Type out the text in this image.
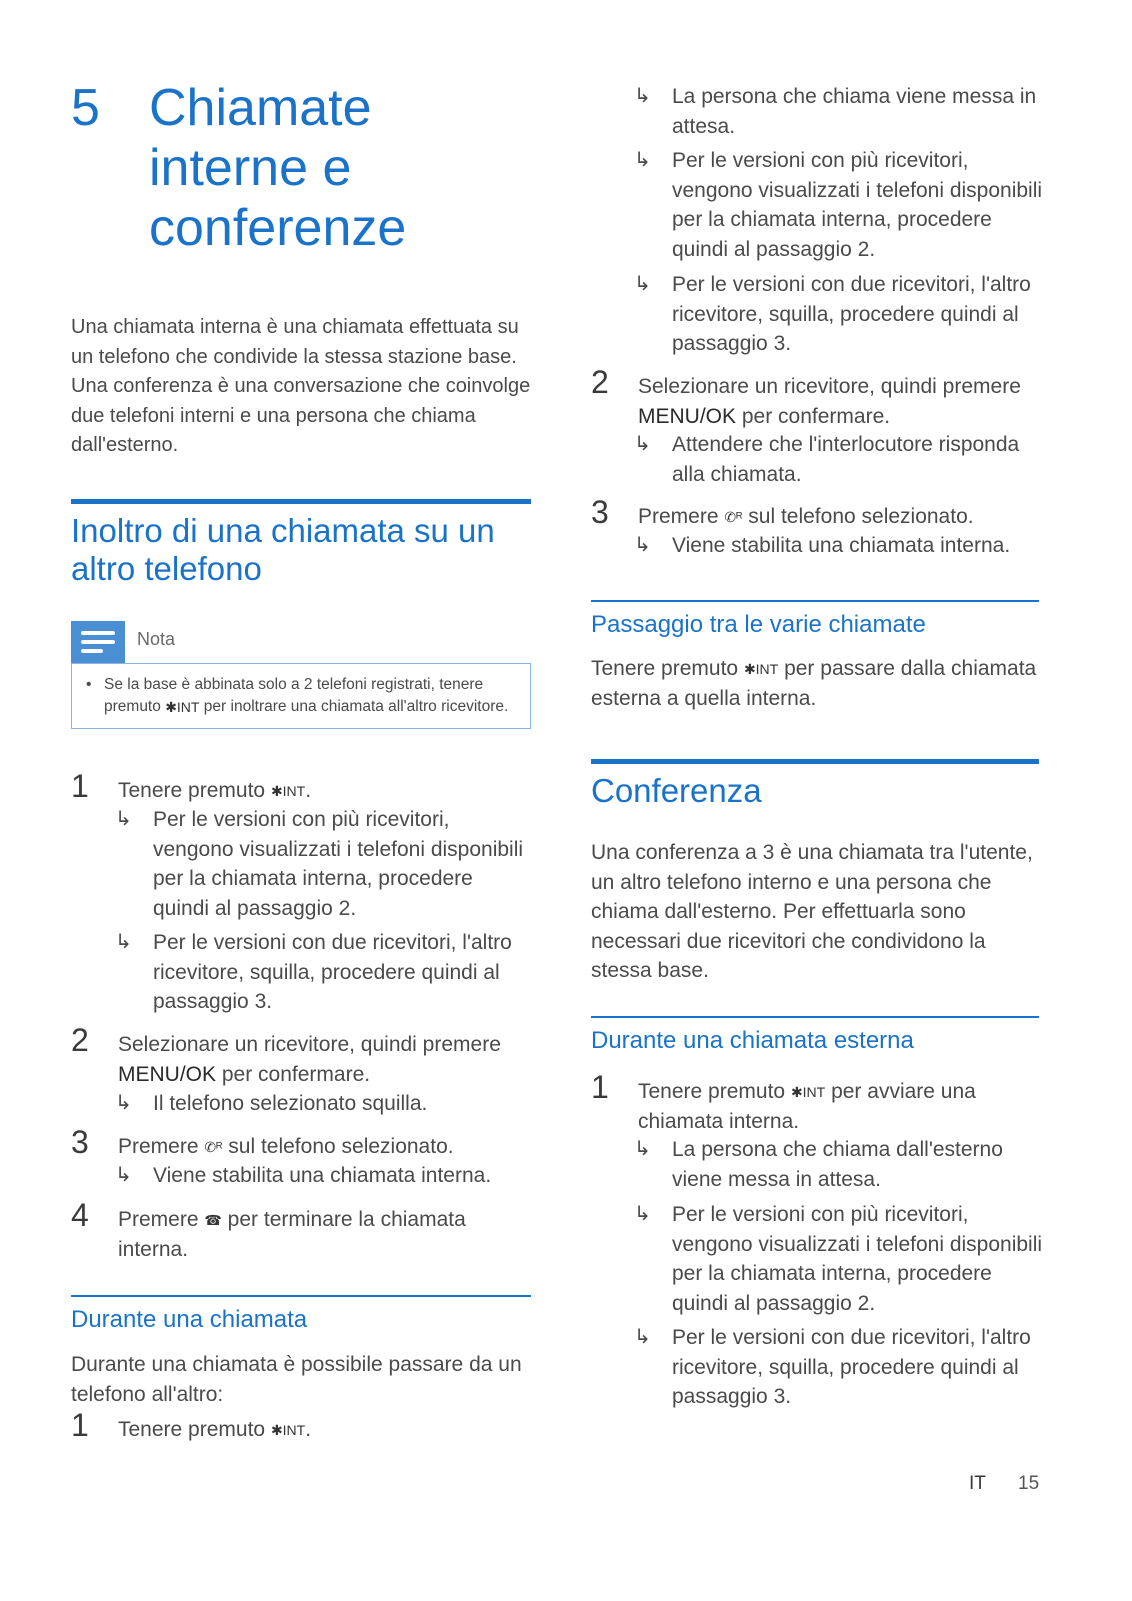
5 Chiamate
interne e
conferenze
Una chiamata interna è una chiamata effettuata su un telefono che condivide la stessa stazione base. Una conferenza è una conversazione che coinvolge due telefoni interni e una persona che chiama dall'esterno.
Inoltro di una chiamata su un altro telefono
Nota
• Se la base è abbinata solo a 2 telefoni registrati, tenere premuto ✱INT per inoltrare una chiamata all'altro ricevitore.
1 Tenere premuto ✱INT.
↳ Per le versioni con più ricevitori, vengono visualizzati i telefoni disponibili per la chiamata interna, procedere quindi al passaggio 2.
↳ Per le versioni con due ricevitori, l'altro ricevitore, squilla, procedere quindi al passaggio 3.
2 Selezionare un ricevitore, quindi premere MENU/OK per confermare.
↳ Il telefono selezionato squilla.
3 Premere ✆ᴿ sul telefono selezionato.
↳ Viene stabilita una chiamata interna.
4 Premere ☎ per terminare la chiamata interna.
Durante una chiamata
Durante una chiamata è possibile passare da un telefono all'altro:
1 Tenere premuto ✱INT.
↳ La persona che chiama viene messa in attesa.
↳ Per le versioni con più ricevitori, vengono visualizzati i telefoni disponibili per la chiamata interna, procedere quindi al passaggio 2.
↳ Per le versioni con due ricevitori, l'altro ricevitore, squilla, procedere quindi al passaggio 3.
2 Selezionare un ricevitore, quindi premere MENU/OK per confermare.
↳ Attendere che l'interlocutore risponda alla chiamata.
3 Premere ✆ᴿ sul telefono selezionato.
↳ Viene stabilita una chiamata interna.
Passaggio tra le varie chiamate
Tenere premuto ✱INT per passare dalla chiamata esterna a quella interna.
Conferenza
Una conferenza a 3 è una chiamata tra l'utente, un altro telefono interno e una persona che chiama dall'esterno. Per effettuarla sono necessari due ricevitori che condividono la stessa base.
Durante una chiamata esterna
1 Tenere premuto ✱INT per avviare una chiamata interna.
↳ La persona che chiama dall'esterno viene messa in attesa.
↳ Per le versioni con più ricevitori, vengono visualizzati i telefoni disponibili per la chiamata interna, procedere quindi al passaggio 2.
↳ Per le versioni con due ricevitori, l'altro ricevitore, squilla, procedere quindi al passaggio 3.
IT 15
